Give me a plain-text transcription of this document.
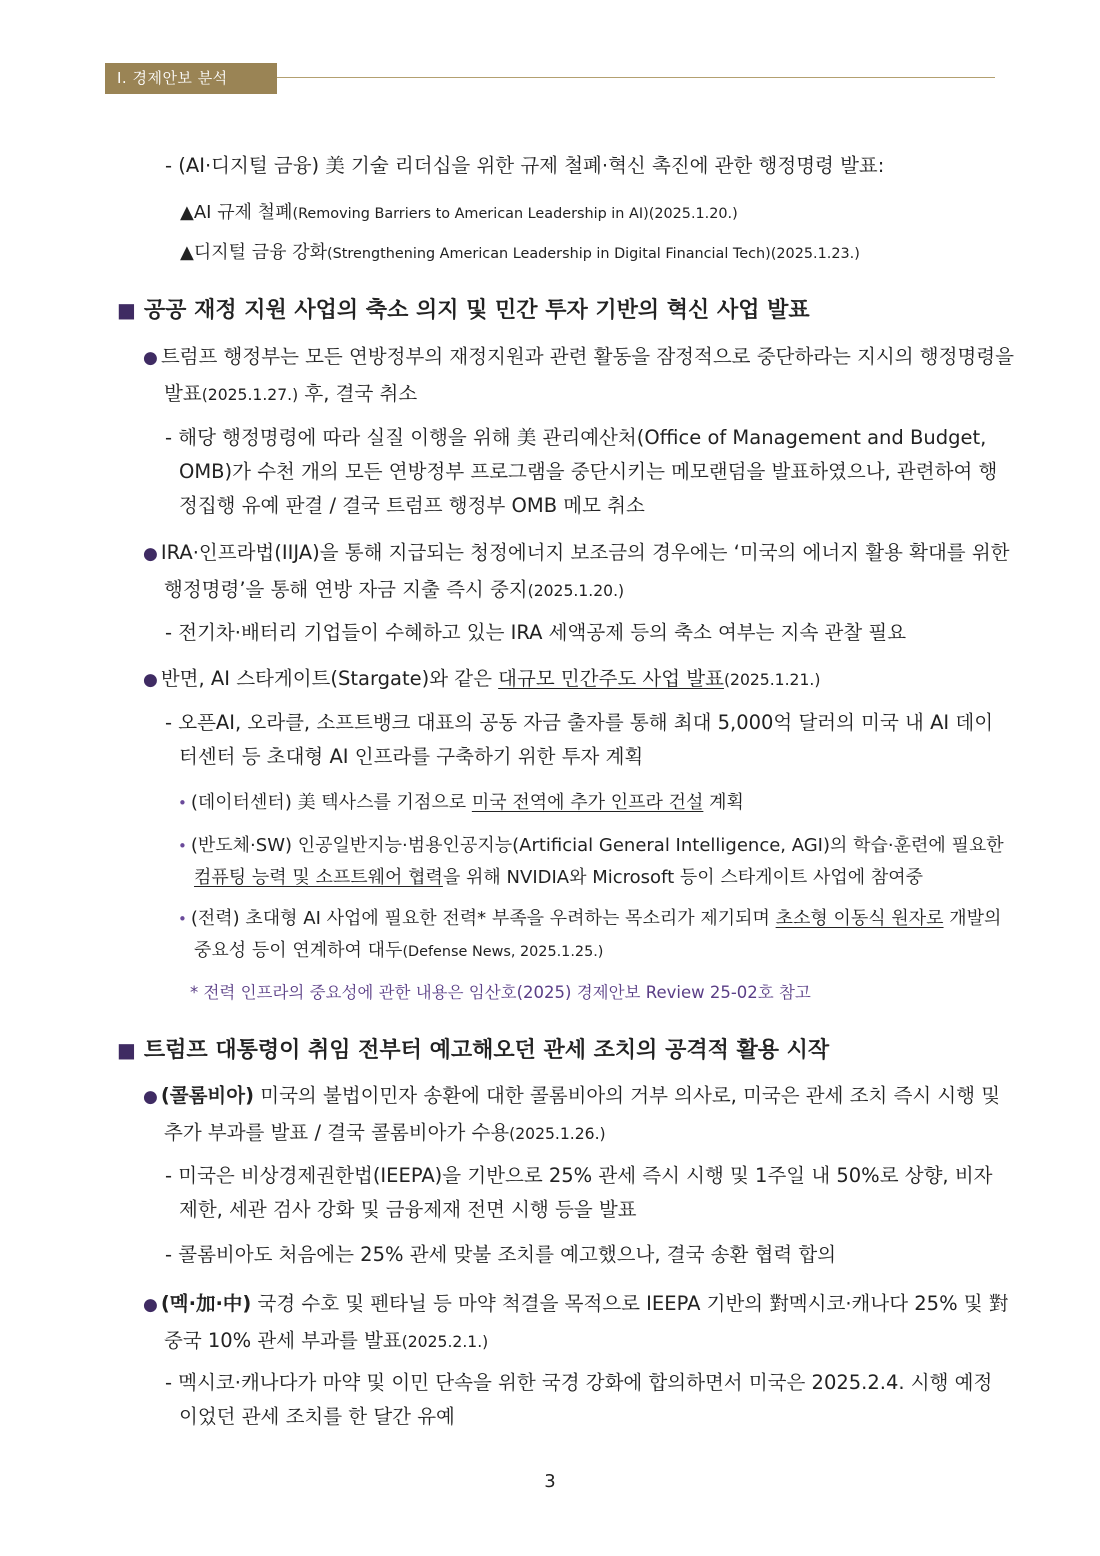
Ⅰ. 경제안보 분석

- (AI·디지털 금융) 美 기술 리더십을 위한 규제 철폐·혁신 촉진에 관한 행정명령 발표:

▲AI 규제 철폐(Removing Barriers to American Leadership in AI)(2025.1.20.)

▲디지털 금융 강화(Strengthening American Leadership in Digital Financial Tech)(2025.1.23.)

■ 공공 재정 지원 사업의 축소 의지 및 민간 투자 기반의 혁신 사업 발표

● 트럼프 행정부는 모든 연방정부의 재정지원과 관련 활동을 잠정적으로 중단하라는 지시의 행정명령을 발표(2025.1.27.) 후, 결국 취소

- 해당 행정명령에 따라 실질 이행을 위해 美 관리예산처(Office of Management and Budget, OMB)가 수천 개의 모든 연방정부 프로그램을 중단시키는 메모랜덤을 발표하였으나, 관련하여 행정집행 유예 판결 / 결국 트럼프 행정부 OMB 메모 취소

● IRA·인프라법(IIJA)을 통해 지급되는 청정에너지 보조금의 경우에는 ‘미국의 에너지 활용 확대를 위한 행정명령’을 통해 연방 자금 지출 즉시 중지(2025.1.20.)

- 전기차·배터리 기업들이 수혜하고 있는 IRA 세액공제 등의 축소 여부는 지속 관찰 필요

● 반면, AI 스타게이트(Stargate)와 같은 대규모 민간주도 사업 발표(2025.1.21.)

- 오픈AI, 오라클, 소프트뱅크 대표의 공동 자금 출자를 통해 최대 5,000억 달러의 미국 내 AI 데이터센터 등 초대형 AI 인프라를 구축하기 위한 투자 계획

• (데이터센터) 美 텍사스를 기점으로 미국 전역에 추가 인프라 건설 계획

• (반도체·SW) 인공일반지능·범용인공지능(Artificial General Intelligence, AGI)의 학습·훈련에 필요한 컴퓨팅 능력 및 소프트웨어 협력을 위해 NVIDIA와 Microsoft 등이 스타게이트 사업에 참여중

• (전력) 초대형 AI 사업에 필요한 전력* 부족을 우려하는 목소리가 제기되며 초소형 이동식 원자로 개발의 중요성 등이 연계하여 대두(Defense News, 2025.1.25.)

* 전력 인프라의 중요성에 관한 내용은 임산호(2025) 경제안보 Review 25-02호 참고

■ 트럼프 대통령이 취임 전부터 예고해오던 관세 조치의 공격적 활용 시작

● (콜롬비아) 미국의 불법이민자 송환에 대한 콜롬비아의 거부 의사로, 미국은 관세 조치 즉시 시행 및 추가 부과를 발표 / 결국 콜롬비아가 수용(2025.1.26.)

- 미국은 비상경제권한법(IEEPA)을 기반으로 25% 관세 즉시 시행 및 1주일 내 50%로 상향, 비자 제한, 세관 검사 강화 및 금융제재 전면 시행 등을 발표

- 콜롬비아도 처음에는 25% 관세 맞불 조치를 예고했으나, 결국 송환 협력 합의

● (멕·加·中) 국경 수호 및 펜타닐 등 마약 척결을 목적으로 IEEPA 기반의 對멕시코·캐나다 25% 및 對중국 10% 관세 부과를 발표(2025.2.1.)

- 멕시코·캐나다가 마약 및 이민 단속을 위한 국경 강화에 합의하면서 미국은 2025.2.4. 시행 예정이었던 관세 조치를 한 달간 유예

3
